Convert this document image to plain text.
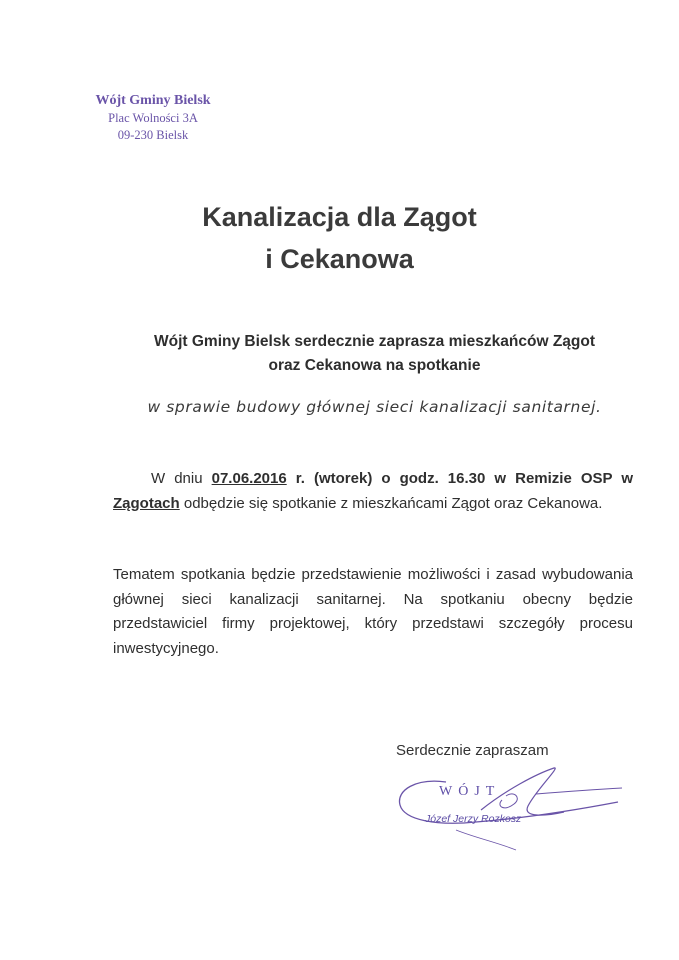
Wójt Gminy Bielsk
Plac Wolności 3A
09-230 Bielsk
Kanalizacja dla Zągot
i Cekanowa
Wójt Gminy Bielsk serdecznie zaprasza mieszkańców Zągot
oraz Cekanowa na spotkanie
w sprawie budowy głównej sieci kanalizacji sanitarnej.
W dniu 07.06.2016 r. (wtorek) o godz. 16.30 w Remizie OSP w Zągotach odbędzie się spotkanie z mieszkańcami Zągot oraz Cekanowa.
Tematem spotkania będzie przedstawienie możliwości i zasad wybudowania głównej sieci kanalizacji sanitarnej. Na spotkaniu obecny będzie przedstawiciel firmy projektowej, który przedstawi szczegóły procesu inwestycyjnego.
Serdecznie zapraszam
WÓJT
Józef Jerzy Rozkosz
